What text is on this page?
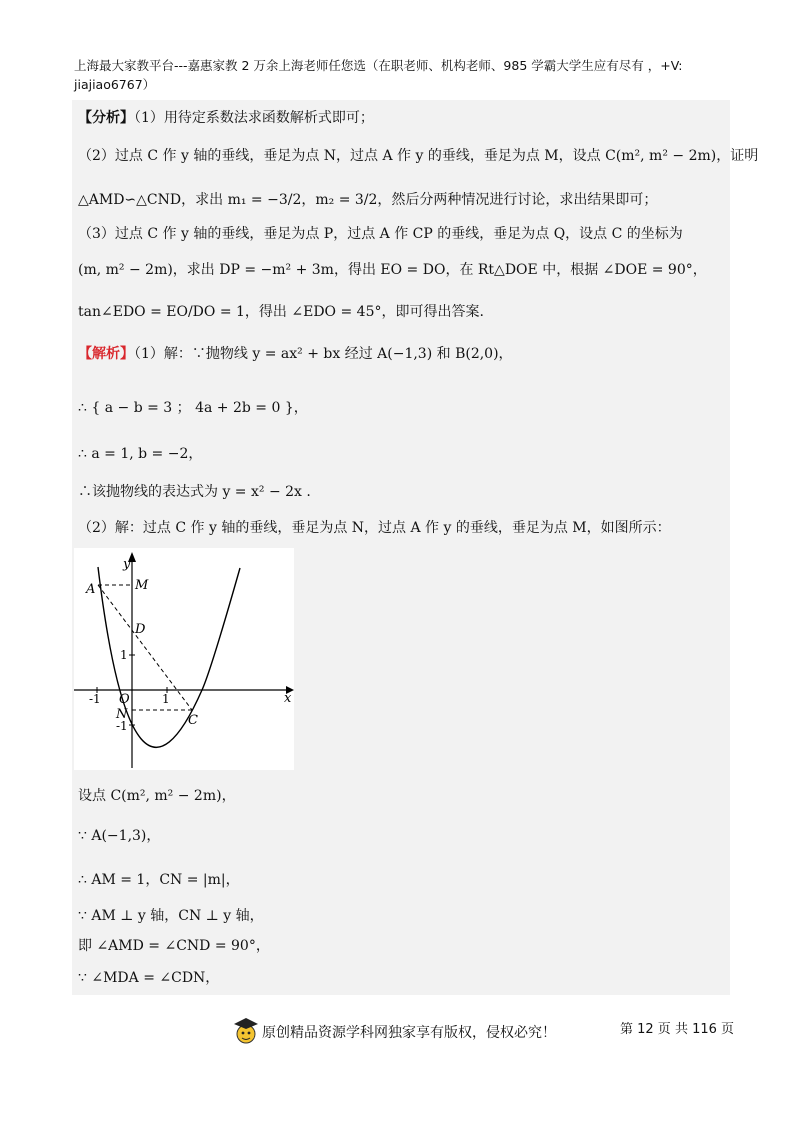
上海最大家教平台---嘉惠家教 2 万余上海老师任您选（在职老师、机构老师、985 学霸大学生应有尽有 ，+V:
jiajiao6767）
【分析】（1）用待定系数法求函数解析式即可；
（2）过点 C 作 y 轴的垂线，垂足为点 N，过点 A 作 y 的垂线，垂足为点 M，设点 C(m², m² − 2m)，证明
△AMD∽△CND，求出 m₁ = −3/2，m₂ = 3/2，然后分两种情况进行讨论，求出结果即可；
（3）过点 C 作 y 轴的垂线，垂足为点 P，过点 A 作 CP 的垂线，垂足为点 Q，设点 C 的坐标为
(m, m² − 2m)，求出 DP = −m² + 3m，得出 EO = DO，在 Rt△DOE 中，根据 ∠DOE = 90°，
tan∠EDO = EO/DO = 1，得出 ∠EDO = 45°，即可得出答案.
【解析】（1）解：∵抛物线 y = ax² + bx 经过 A(−1,3) 和 B(2,0)，
∴ { a − b = 3 ； 4a + 2b = 0 }，
∴ a = 1, b = −2，
∴该抛物线的表达式为 y = x² − 2x .
（2）解：过点 C 作 y 轴的垂线，垂足为点 N，过点 A 作 y 的垂线，垂足为点 M，如图所示：
y
x
O
-1	1
1
-1
A	M
D
N	C
设点 C(m², m² − 2m)，
∵ A(−1,3)，
∴ AM = 1，CN = |m|，
∵ AM ⊥ y 轴，CN ⊥ y 轴，
即 ∠AMD = ∠CND = 90°，
∵ ∠MDA = ∠CDN，
原创精品资源学科网独家享有版权，侵权必究！	第 12 页 共 116 页
